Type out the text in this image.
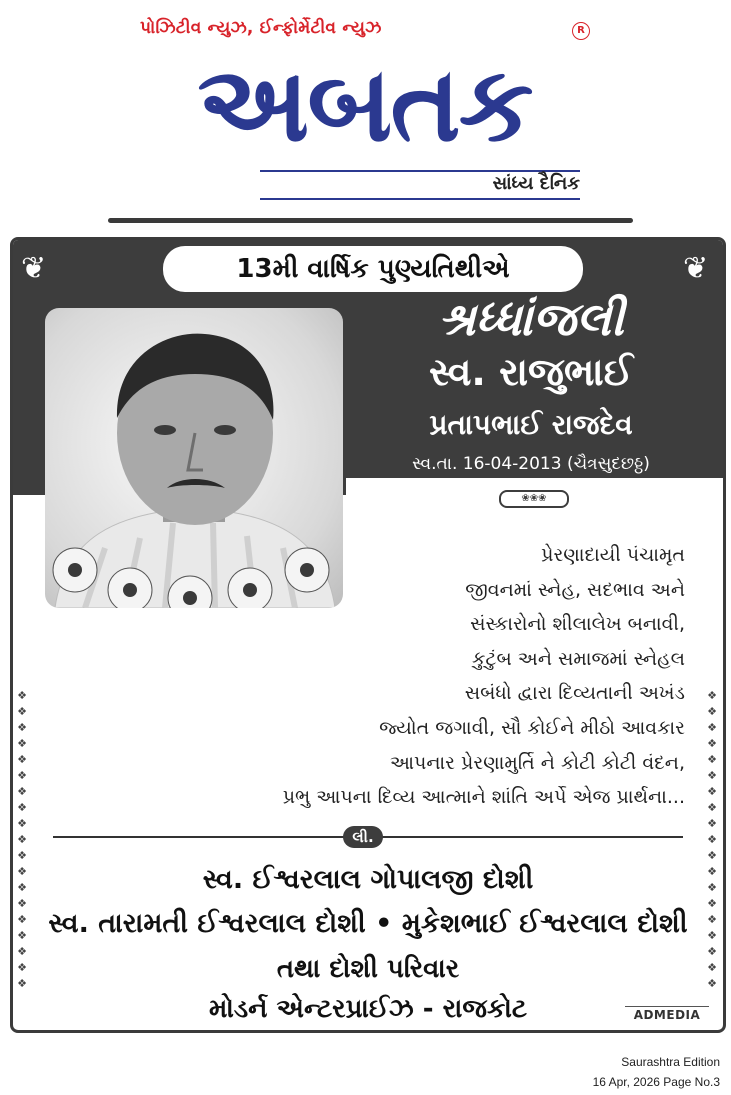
પોઝિટીવ ન્યુઝ, ઈન્ફોર્મેટીવ ન્યુઝ	R
અબતક
સાંધ્ય દૈનિક
❦	❦
13મી વાર્ષિક પુણ્યતિથીએ
શ્રધ્ધાંજલી
સ્વ. રાજુભાઈ
પ્રતાપભાઈ રાજદેવ
સ્વ.તા. 16-04-2013 (ચૈત્રસુદછઠ્ઠ)
❀❀❀
પ્રેરણાદાયી પંચામૃત
જીવનમાં સ્નેહ, સદભાવ અને
સંસ્કારોનો શીલાલેખ બનાવી,
કુટુંબ અને સમાજમાં સ્નેહલ
સબંધો દ્વારા દિવ્યતાની અખંડ
જ્યોત જગાવી, સૌ કોઈને મીઠો આવકાર
આપનાર પ્રેરણામુર્તિ ને કોટી કોટી વંદન,
પ્રભુ આપના દિવ્ય આત્માને શાંતિ અર્પે એજ પ્રાર્થના...
❖
❖
❖
❖
❖
❖
❖
❖
❖
❖
❖
❖
❖
❖
❖
❖
❖
❖
❖
❖
❖
❖
❖
❖
❖
❖
❖
❖
❖
❖
❖
❖
❖
❖
❖
❖
❖
❖
લી.
સ્વ. ઈશ્વરલાલ ગોપાલજી દોશી
સ્વ. તારામતી ઈશ્વરલાલ દોશી • મુકેશભાઈ ઈશ્વરલાલ દોશી
તથા દોશી પરિવાર
મોડર્ન એન્ટરપ્રાઈઝ - રાજકોટ	ADMEDIA
Saurashtra Edition
16 Apr, 2026 Page No.3
